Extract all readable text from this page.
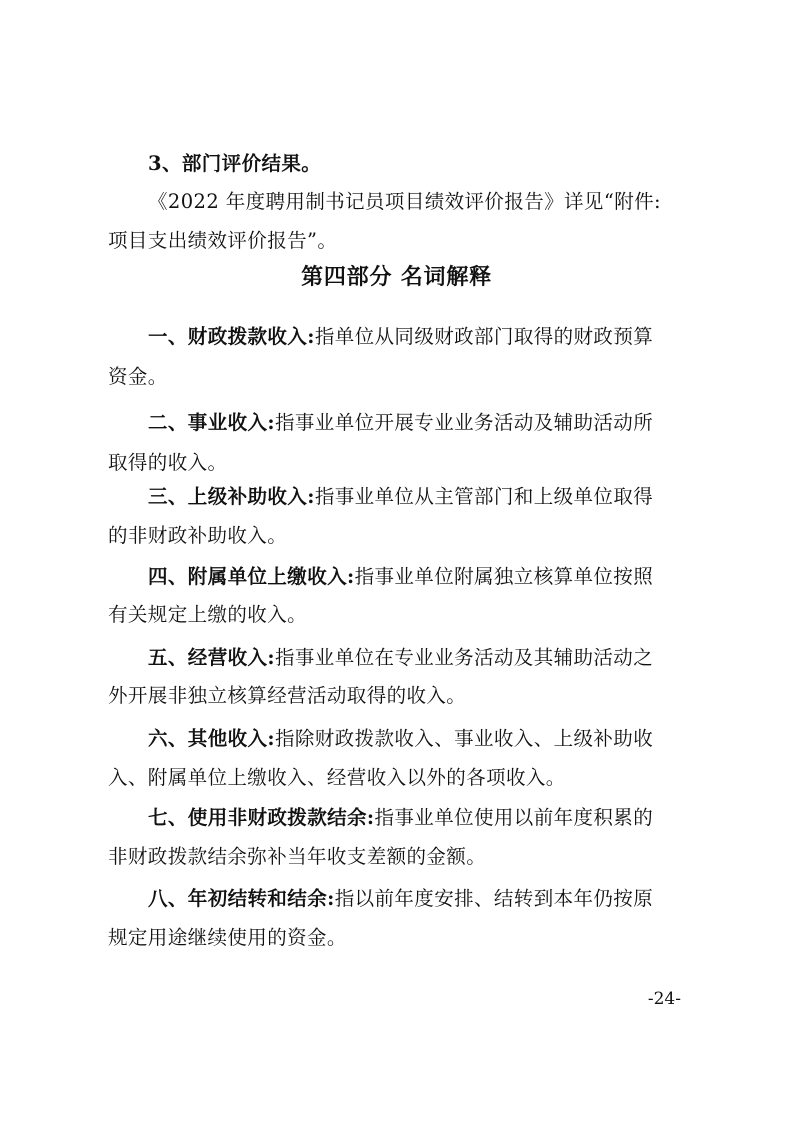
3、部门评价结果。
《2022 年度聘用制书记员项目绩效评价报告》详见“附件:
项目支出绩效评价报告”。
第四部分 名词解释
一、财政拨款收入:指单位从同级财政部门取得的财政预算
资金。
二、事业收入:指事业单位开展专业业务活动及辅助活动所
取得的收入。
三、上级补助收入:指事业单位从主管部门和上级单位取得
的非财政补助收入。
四、附属单位上缴收入:指事业单位附属独立核算单位按照
有关规定上缴的收入。
五、经营收入:指事业单位在专业业务活动及其辅助活动之
外开展非独立核算经营活动取得的收入。
六、其他收入:指除财政拨款收入、事业收入、上级补助收
入、附属单位上缴收入、经营收入以外的各项收入。
七、使用非财政拨款结余:指事业单位使用以前年度积累的
非财政拨款结余弥补当年收支差额的金额。
八、年初结转和结余:指以前年度安排、结转到本年仍按原
规定用途继续使用的资金。
-24-
